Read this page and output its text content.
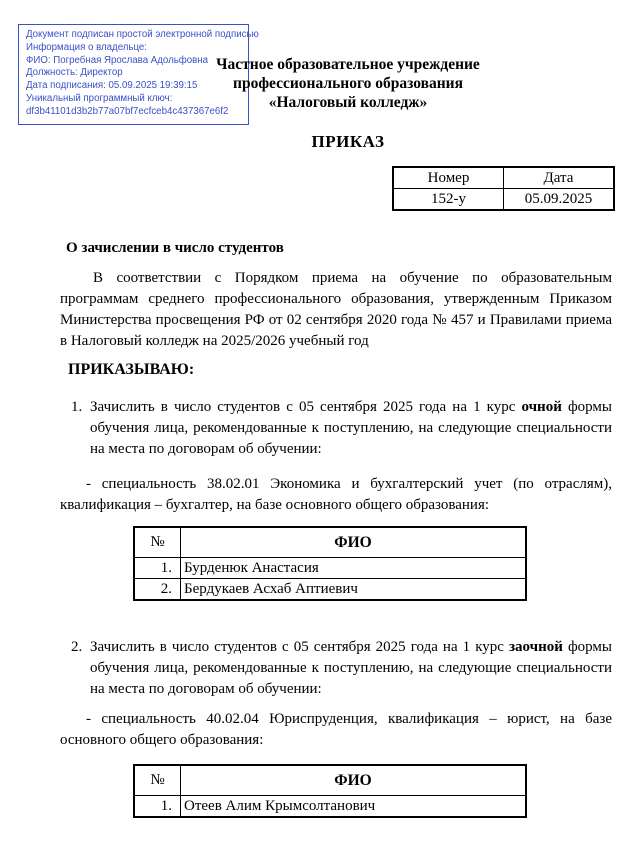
Документ подписан простой электронной подписью
Информация о владельце:
ФИО: Погребная Ярослава Адольфовна
Должность: Директор
Дата подписания: 05.09.2025 19:39:15
Уникальный программный ключ:
df3b41101d3b2b77a07bf7ecfceb4c437367e6f2
Частное образовательное учреждение
профессионального образования
«Налоговый колледж»
ПРИКАЗ
Номер	Дата
152-у	05.09.2025
О зачислении в число студентов
В соответствии с Порядком приема на обучение по образовательным программам среднего профессионального образования, утвержденным Приказом Министерства просвещения РФ от 02 сентября 2020 года № 457 и Правилами приема в Налоговый колледж на 2025/2026 учебный год
ПРИКАЗЫВАЮ:
1. Зачислить в число студентов с 05 сентября 2025 года на 1 курс очной формы обучения лица, рекомендованные к поступлению, на следующие специальности на места по договорам об обучении:
- специальность 38.02.01 Экономика и бухгалтерский учет (по отраслям), квалификация – бухгалтер, на базе основного общего образования:
№	ФИО
1.	Бурденюк Анастасия
2.	Бердукаев Асхаб Аптиевич
2. Зачислить в число студентов с 05 сентября 2025 года на 1 курс заочной формы обучения лица, рекомендованные к поступлению, на следующие специальности на места по договорам об обучении:
- специальность 40.02.04 Юриспруденция, квалификация – юрист, на базе основного общего образования:
№	ФИО
1.	Отеев Алим Крымсолтанович
